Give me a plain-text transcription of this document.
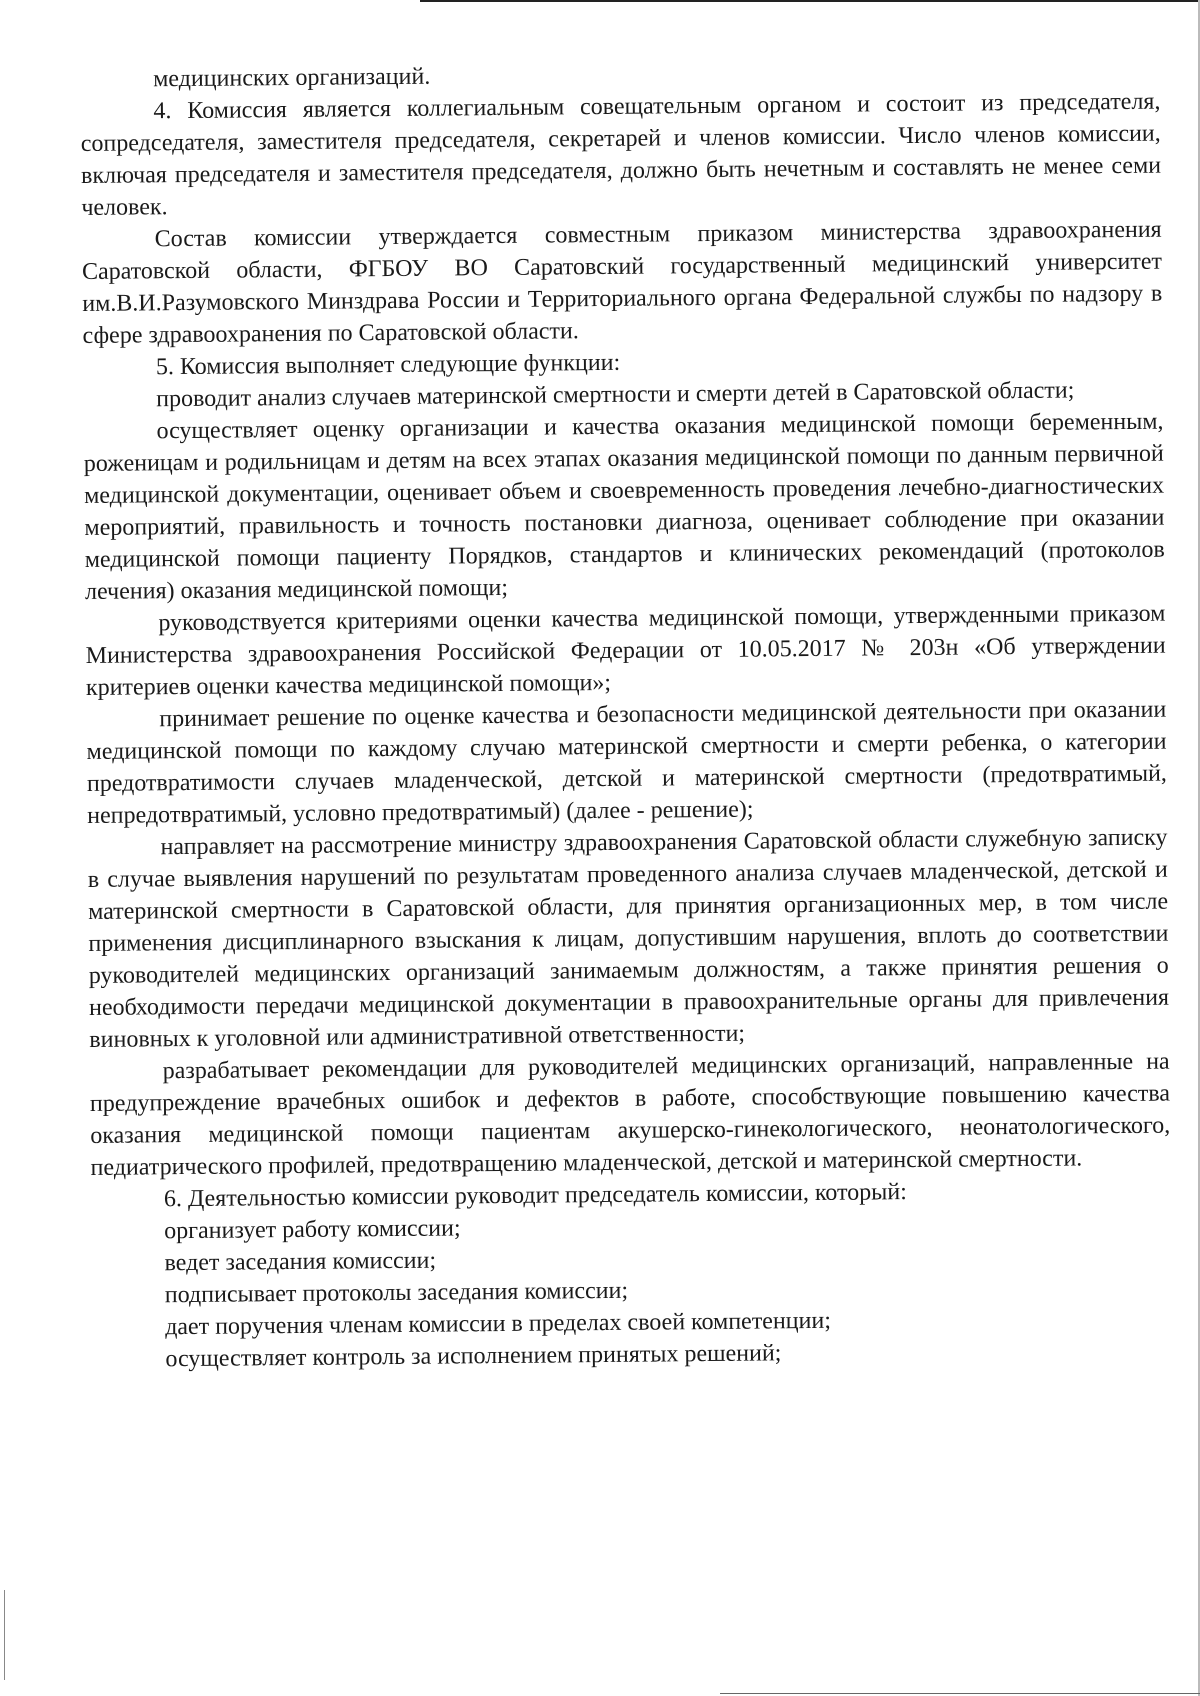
медицинских организаций.

4. Комиссия является коллегиальным совещательным органом и состоит из председателя, сопредседателя, заместителя председателя, секретарей и членов комиссии. Число членов комиссии, включая председателя и заместителя председателя, должно быть нечетным и составлять не менее семи человек.

Состав комиссии утверждается совместным приказом министерства здравоохранения Саратовской области, ФГБОУ ВО Саратовский государственный медицинский университет им.В.И.Разумовского Минздрава России и Территориального органа Федеральной службы по надзору в сфере здравоохранения по Саратовской области.

5. Комиссия выполняет следующие функции:

проводит анализ случаев материнской смертности и смерти детей в Саратовской области;

осуществляет оценку организации и качества оказания медицинской помощи беременным, роженицам и родильницам и детям на всех этапах оказания медицинской помощи по данным первичной медицинской документации, оценивает объем и своевременность проведения лечебно-диагностических мероприятий, правильность и точность постановки диагноза, оценивает соблюдение при оказании медицинской помощи пациенту Порядков, стандартов и клинических рекомендаций (протоколов лечения) оказания медицинской помощи;

руководствуется критериями оценки качества медицинской помощи, утвержденными приказом Министерства здравоохранения Российской Федерации от 10.05.2017 № 203н «Об утверждении критериев оценки качества медицинской помощи»;

принимает решение по оценке качества и безопасности медицинской деятельности при оказании медицинской помощи по каждому случаю материнской смертности и смерти ребенка, о категории предотвратимости случаев младенческой, детской и материнской смертности (предотвратимый, непредотвратимый, условно предотвратимый) (далее - решение);

направляет на рассмотрение министру здравоохранения Саратовской области служебную записку в случае выявления нарушений по результатам проведенного анализа случаев младенческой, детской и материнской смертности в Саратовской области, для принятия организационных мер, в том числе применения дисциплинарного взыскания к лицам, допустившим нарушения, вплоть до соответствии руководителей медицинских организаций занимаемым должностям, а также принятия решения о необходимости передачи медицинской документации в правоохранительные органы для привлечения виновных к уголовной или административной ответственности;

разрабатывает рекомендации для руководителей медицинских организаций, направленные на предупреждение врачебных ошибок и дефектов в работе, способствующие повышению качества оказания медицинской помощи пациентам акушерско-гинекологического, неонатологического, педиатрического профилей, предотвращению младенческой, детской и материнской смертности.

6. Деятельностью комиссии руководит председатель комиссии, который:

организует работу комиссии;

ведет заседания комиссии;

подписывает протоколы заседания комиссии;

дает поручения членам комиссии в пределах своей компетенции;

осуществляет контроль за исполнением принятых решений;
